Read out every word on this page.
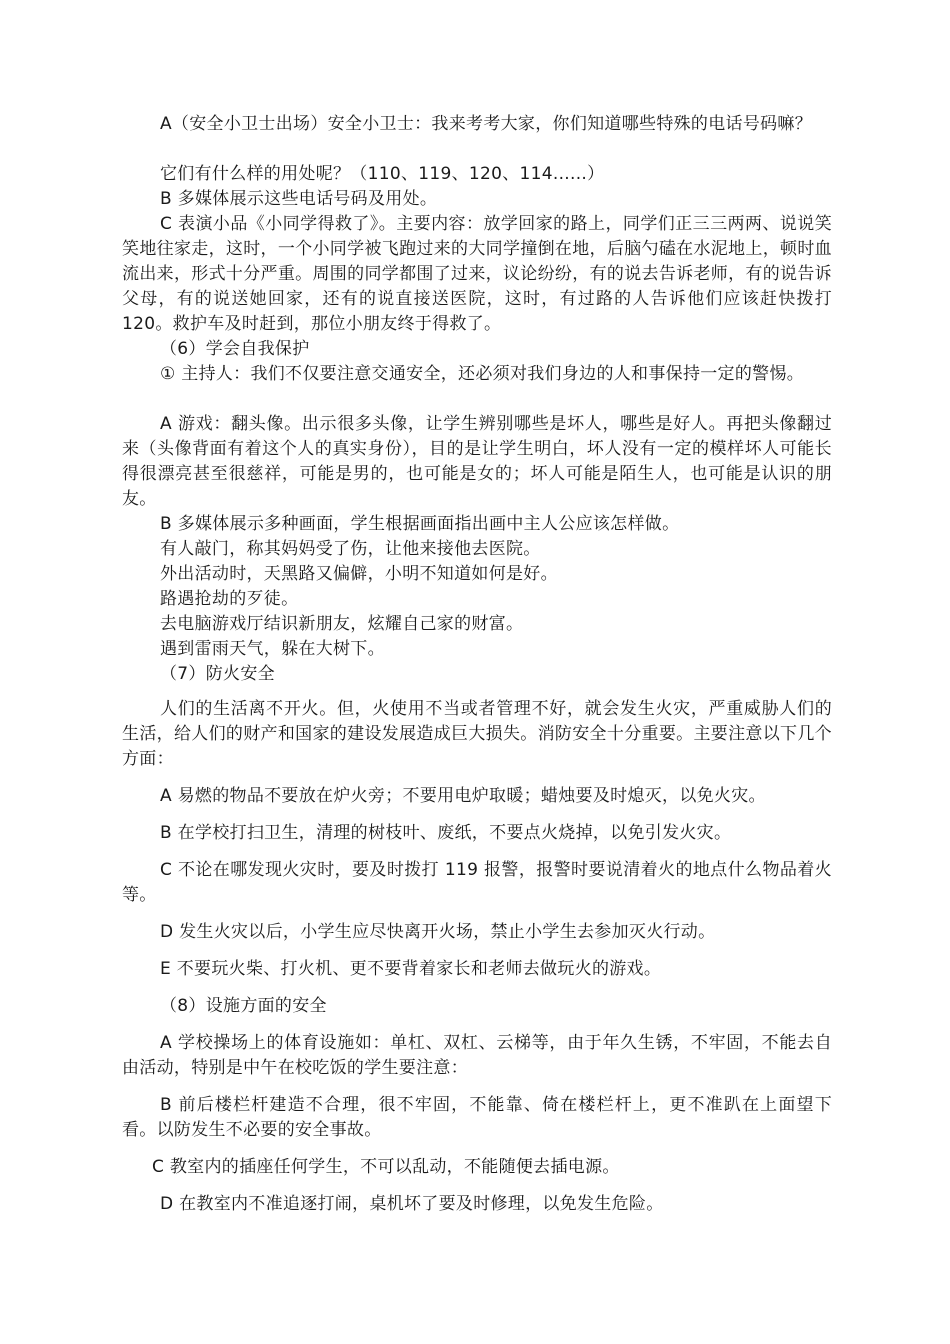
A（安全小卫士出场）安全小卫士：我来考考大家，你们知道哪些特殊的电话号码嘛？

它们有什么样的用处呢？（110、119、120、114......）

B 多媒体展示这些电话号码及用处。

C 表演小品《小同学得救了》。主要内容：放学回家的路上，同学们正三三两两、说说笑笑地往家走，这时，一个小同学被飞跑过来的大同学撞倒在地，后脑勺磕在水泥地上，顿时血流出来，形式十分严重。周围的同学都围了过来，议论纷纷，有的说去告诉老师，有的说告诉父母，有的说送她回家，还有的说直接送医院，这时，有过路的人告诉他们应该赶快拨打 120。救护车及时赶到，那位小朋友终于得救了。

（6）学会自我保护

① 主持人：我们不仅要注意交通安全，还必须对我们身边的人和事保持一定的警惕。

A 游戏：翻头像。出示很多头像，让学生辨别哪些是坏人，哪些是好人。再把头像翻过来（头像背面有着这个人的真实身份），目的是让学生明白，坏人没有一定的模样坏人可能长得很漂亮甚至很慈祥，可能是男的，也可能是女的；坏人可能是陌生人，也可能是认识的朋友。

B 多媒体展示多种画面，学生根据画面指出画中主人公应该怎样做。

有人敲门，称其妈妈受了伤，让他来接他去医院。

外出活动时，天黑路又偏僻，小明不知道如何是好。

路遇抢劫的歹徒。

去电脑游戏厅结识新朋友，炫耀自己家的财富。

遇到雷雨天气，躲在大树下。

（7）防火安全

人们的生活离不开火。但，火使用不当或者管理不好，就会发生火灾，严重威胁人们的生活，给人们的财产和国家的建设发展造成巨大损失。消防安全十分重要。主要注意以下几个方面：

A 易燃的物品不要放在炉火旁；不要用电炉取暖；蜡烛要及时熄灭，以免火灾。

B 在学校打扫卫生，清理的树枝叶、废纸，不要点火烧掉，以免引发火灾。

C 不论在哪发现火灾时，要及时拨打 119 报警，报警时要说清着火的地点什么物品着火等。

D 发生火灾以后，小学生应尽快离开火场，禁止小学生去参加灭火行动。

E 不要玩火柴、打火机、更不要背着家长和老师去做玩火的游戏。

（8）设施方面的安全

A 学校操场上的体育设施如：单杠、双杠、云梯等，由于年久生锈，不牢固，不能去自由活动，特别是中午在校吃饭的学生要注意：

B 前后楼栏杆建造不合理，很不牢固，不能靠、倚在楼栏杆上，更不准趴在上面望下看。以防发生不必要的安全事故。

C 教室内的插座任何学生，不可以乱动，不能随便去插电源。

D 在教室内不准追逐打闹，桌机坏了要及时修理，以免发生危险。
